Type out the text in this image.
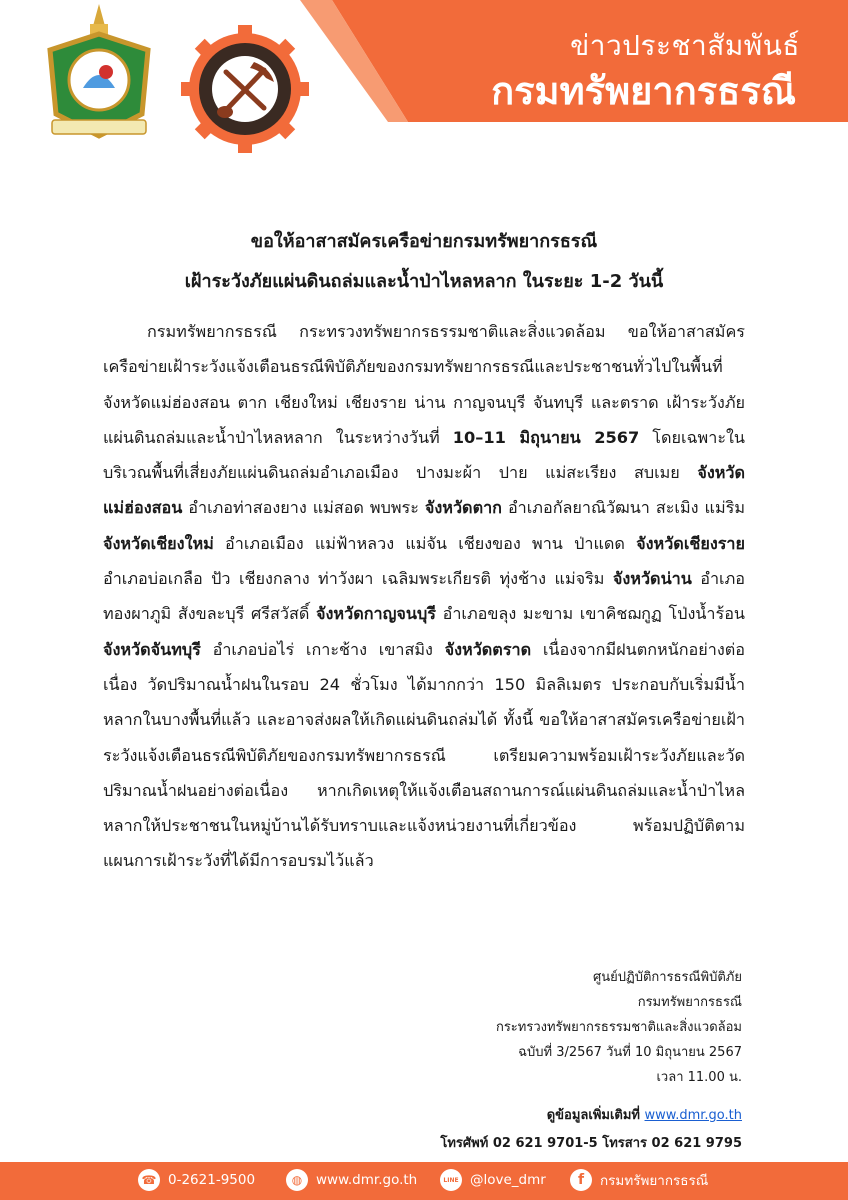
ข่าวประชาสัมพันธ์
กรมทรัพยากรธรณี
ขอให้อาสาสมัครเครือข่ายกรมทรัพยากรธรณี
เฝ้าระวังภัยแผ่นดินถล่มและน้ำป่าไหลหลาก ในระยะ 1-2 วันนี้
กรมทรัพยากรธรณี กระทรวงทรัพยากรธรรมชาติและสิ่งแวดล้อม ขอให้อาสาสมัครเครือข่ายเฝ้าระวังแจ้งเตือนธรณีพิบัติภัยของกรมทรัพยากรธรณีและประชาชนทั่วไปในพื้นที่จังหวัดแม่ฮ่องสอน ตาก เชียงใหม่ เชียงราย น่าน กาญจนบุรี จันทบุรี และตราด เฝ้าระวังภัยแผ่นดินถล่มและน้ำป่าไหลหลาก ในระหว่างวันที่ 10–11 มิถุนายน 2567 โดยเฉพาะในบริเวณพื้นที่เสี่ยงภัยแผ่นดินถล่มอำเภอเมือง ปางมะผ้า ปาย แม่สะเรียง สบเมย จังหวัดแม่ฮ่องสอน อำเภอท่าสองยาง แม่สอด พบพระ จังหวัดตาก อำเภอกัลยาณิวัฒนา สะเมิง แม่ริม จังหวัดเชียงใหม่ อำเภอเมือง แม่ฟ้าหลวง แม่จัน เชียงของ พาน ป่าแดด จังหวัดเชียงราย อำเภอบ่อเกลือ ปัว เชียงกลาง ท่าวังผา เฉลิมพระเกียรติ ทุ่งช้าง แม่จริม จังหวัดน่าน อำเภอทองผาภูมิ สังขละบุรี ศรีสวัสดิ์ จังหวัดกาญจนบุรี อำเภอขลุง มะขาม เขาคิชฌกูฏ โป่งน้ำร้อน จังหวัดจันทบุรี อำเภอบ่อไร่ เกาะช้าง เขาสมิง จังหวัดตราด เนื่องจากมีฝนตกหนักอย่างต่อเนื่อง วัดปริมาณน้ำฝนในรอบ 24 ชั่วโมง ได้มากกว่า 150 มิลลิเมตร ประกอบกับเริ่มมีน้ำหลากในบางพื้นที่แล้ว และอาจส่งผลให้เกิดแผ่นดินถล่มได้ ทั้งนี้ ขอให้อาสาสมัครเครือข่ายเฝ้าระวังแจ้งเตือนธรณีพิบัติภัยของกรมทรัพยากรธรณี เตรียมความพร้อมเฝ้าระวังภัยและวัดปริมาณน้ำฝนอย่างต่อเนื่อง หากเกิดเหตุให้แจ้งเตือนสถานการณ์แผ่นดินถล่มและน้ำป่าไหลหลากให้ประชาชนในหมู่บ้านได้รับทราบและแจ้งหน่วยงานที่เกี่ยวข้อง พร้อมปฏิบัติตามแผนการเฝ้าระวังที่ได้มีการอบรมไว้แล้ว
ศูนย์ปฏิบัติการธรณีพิบัติภัย
กรมทรัพยากรธรณี
กระทรวงทรัพยากรธรรมชาติและสิ่งแวดล้อม
ฉบับที่ 3/2567 วันที่ 10 มิถุนายน 2567
เวลา 11.00 น.
ดูข้อมูลเพิ่มเติมที่ www.dmr.go.th
โทรศัพท์ 02 621 9701-5 โทรสาร 02 621 9795
☎ 0-2621-9500	◍	www.dmr.go.th	LINE @love_dmr	f	กรมทรัพยากรธรณี
